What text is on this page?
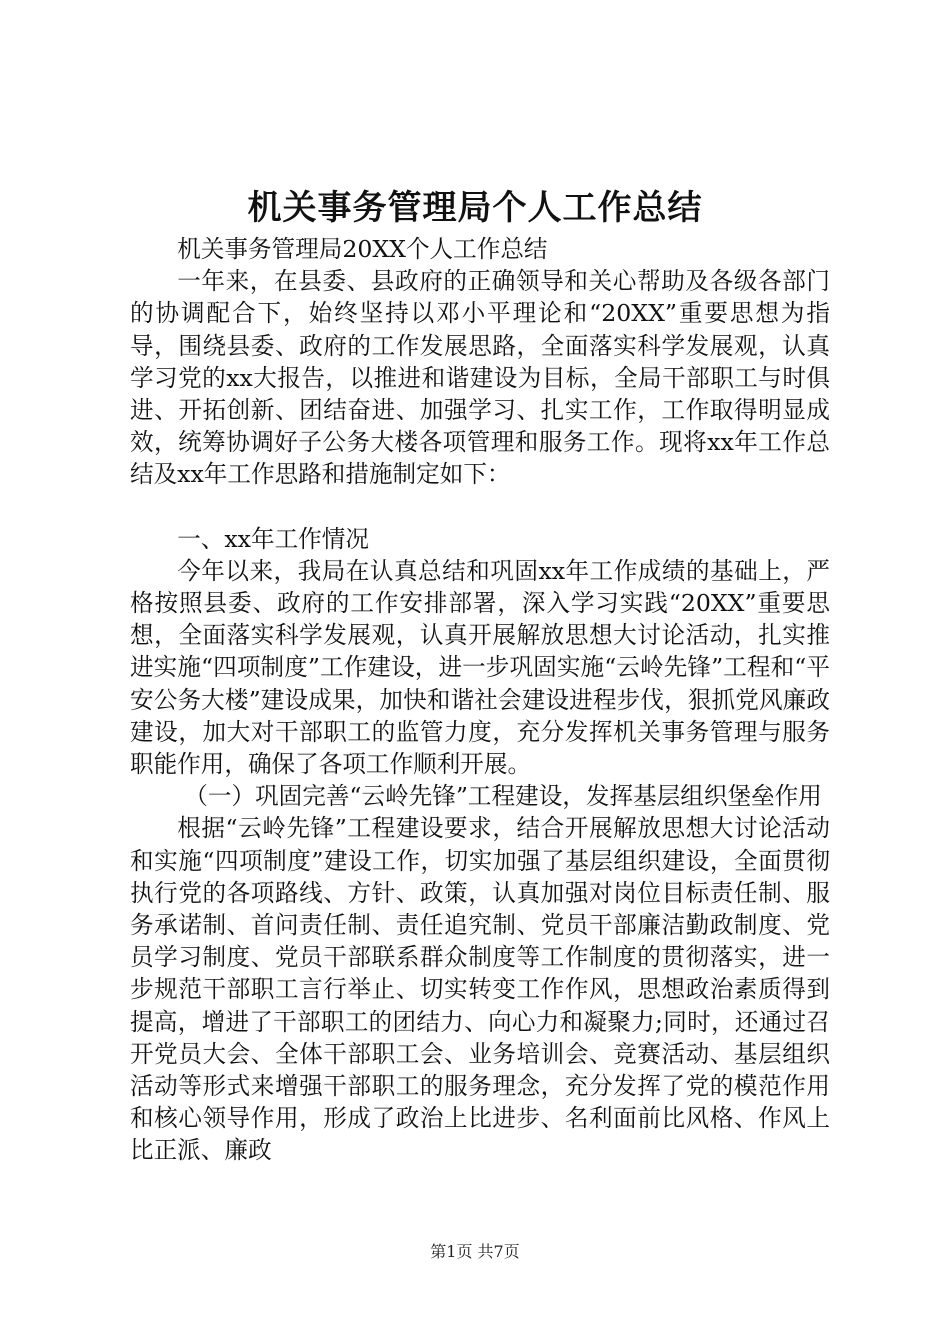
机关事务管理局个人工作总结

机关事务管理局20XX个人工作总结

一年来，在县委、县政府的正确领导和关心帮助及各级各部门的协调配合下，始终坚持以邓小平理论和“20XX”重要思想为指导，围绕县委、政府的工作发展思路，全面落实科学发展观，认真学习党的xx大报告，以推进和谐建设为目标，全局干部职工与时俱进、开拓创新、团结奋进、加强学习、扎实工作，工作取得明显成效，统筹协调好子公务大楼各项管理和服务工作。现将xx年工作总结及xx年工作思路和措施制定如下：

一、xx年工作情况

今年以来，我局在认真总结和巩固xx年工作成绩的基础上，严格按照县委、政府的工作安排部署，深入学习实践“20XX”重要思想，全面落实科学发展观，认真开展解放思想大讨论活动，扎实推进实施“四项制度”工作建设，进一步巩固实施“云岭先锋”工程和“平安公务大楼”建设成果，加快和谐社会建设进程步伐，狠抓党风廉政建设，加大对干部职工的监管力度，充分发挥机关事务管理与服务职能作用，确保了各项工作顺利开展。

（一）巩固完善“云岭先锋”工程建设，发挥基层组织堡垒作用

根据“云岭先锋”工程建设要求，结合开展解放思想大讨论活动和实施“四项制度”建设工作，切实加强了基层组织建设，全面贯彻执行党的各项路线、方针、政策，认真加强对岗位目标责任制、服务承诺制、首问责任制、责任追究制、党员干部廉洁勤政制度、党员学习制度、党员干部联系群众制度等工作制度的贯彻落实，进一步规范干部职工言行举止、切实转变工作作风，思想政治素质得到提高，增进了干部职工的团结力、向心力和凝聚力;同时，还通过召开党员大会、全体干部职工会、业务培训会、竞赛活动、基层组织活动等形式来增强干部职工的服务理念，充分发挥了党的模范作用和核心领导作用，形成了政治上比进步、名利面前比风格、作风上比正派、廉政

第1页 共7页
